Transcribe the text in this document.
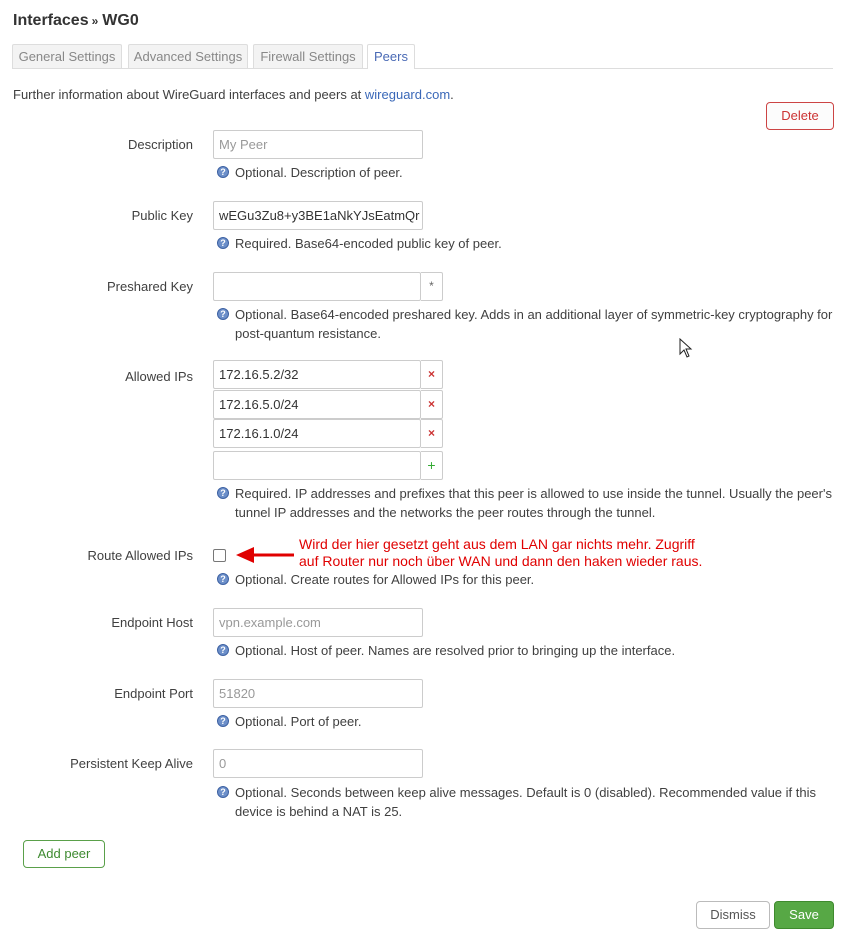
Interfaces » WG0
General Settings	Advanced Settings	Firewall Settings	Peers
Further information about WireGuard interfaces and peers at wireguard.com.
Delete
Description	My Peer
? Optional. Description of peer.
Public Key	wEGu3Zu8+y3BE1aNkYJsEatmQr
? Required. Base64-encoded public key of peer.
Preshared Key	*
? Optional. Base64-encoded preshared key. Adds in an additional layer of symmetric-key cryptography for post-quantum resistance.
Allowed IPs	172.16.5.2/32	×
172.16.5.0/24	×
172.16.1.0/24	×
+
? Required. IP addresses and prefixes that this peer is allowed to use inside the tunnel. Usually the peer's tunnel IP addresses and the networks the peer routes through the tunnel.
Route Allowed IPs
Wird der hier gesetzt geht aus dem LAN gar nichts mehr. Zugriff
auf Router nur noch über WAN und dann den haken wieder raus.
? Optional. Create routes for Allowed IPs for this peer.
Endpoint Host	vpn.example.com
? Optional. Host of peer. Names are resolved prior to bringing up the interface.
Endpoint Port	51820
? Optional. Port of peer.
Persistent Keep Alive	0
? Optional. Seconds between keep alive messages. Default is 0 (disabled). Recommended value if this device is behind a NAT is 25.
Add peer
Dismiss	Save
